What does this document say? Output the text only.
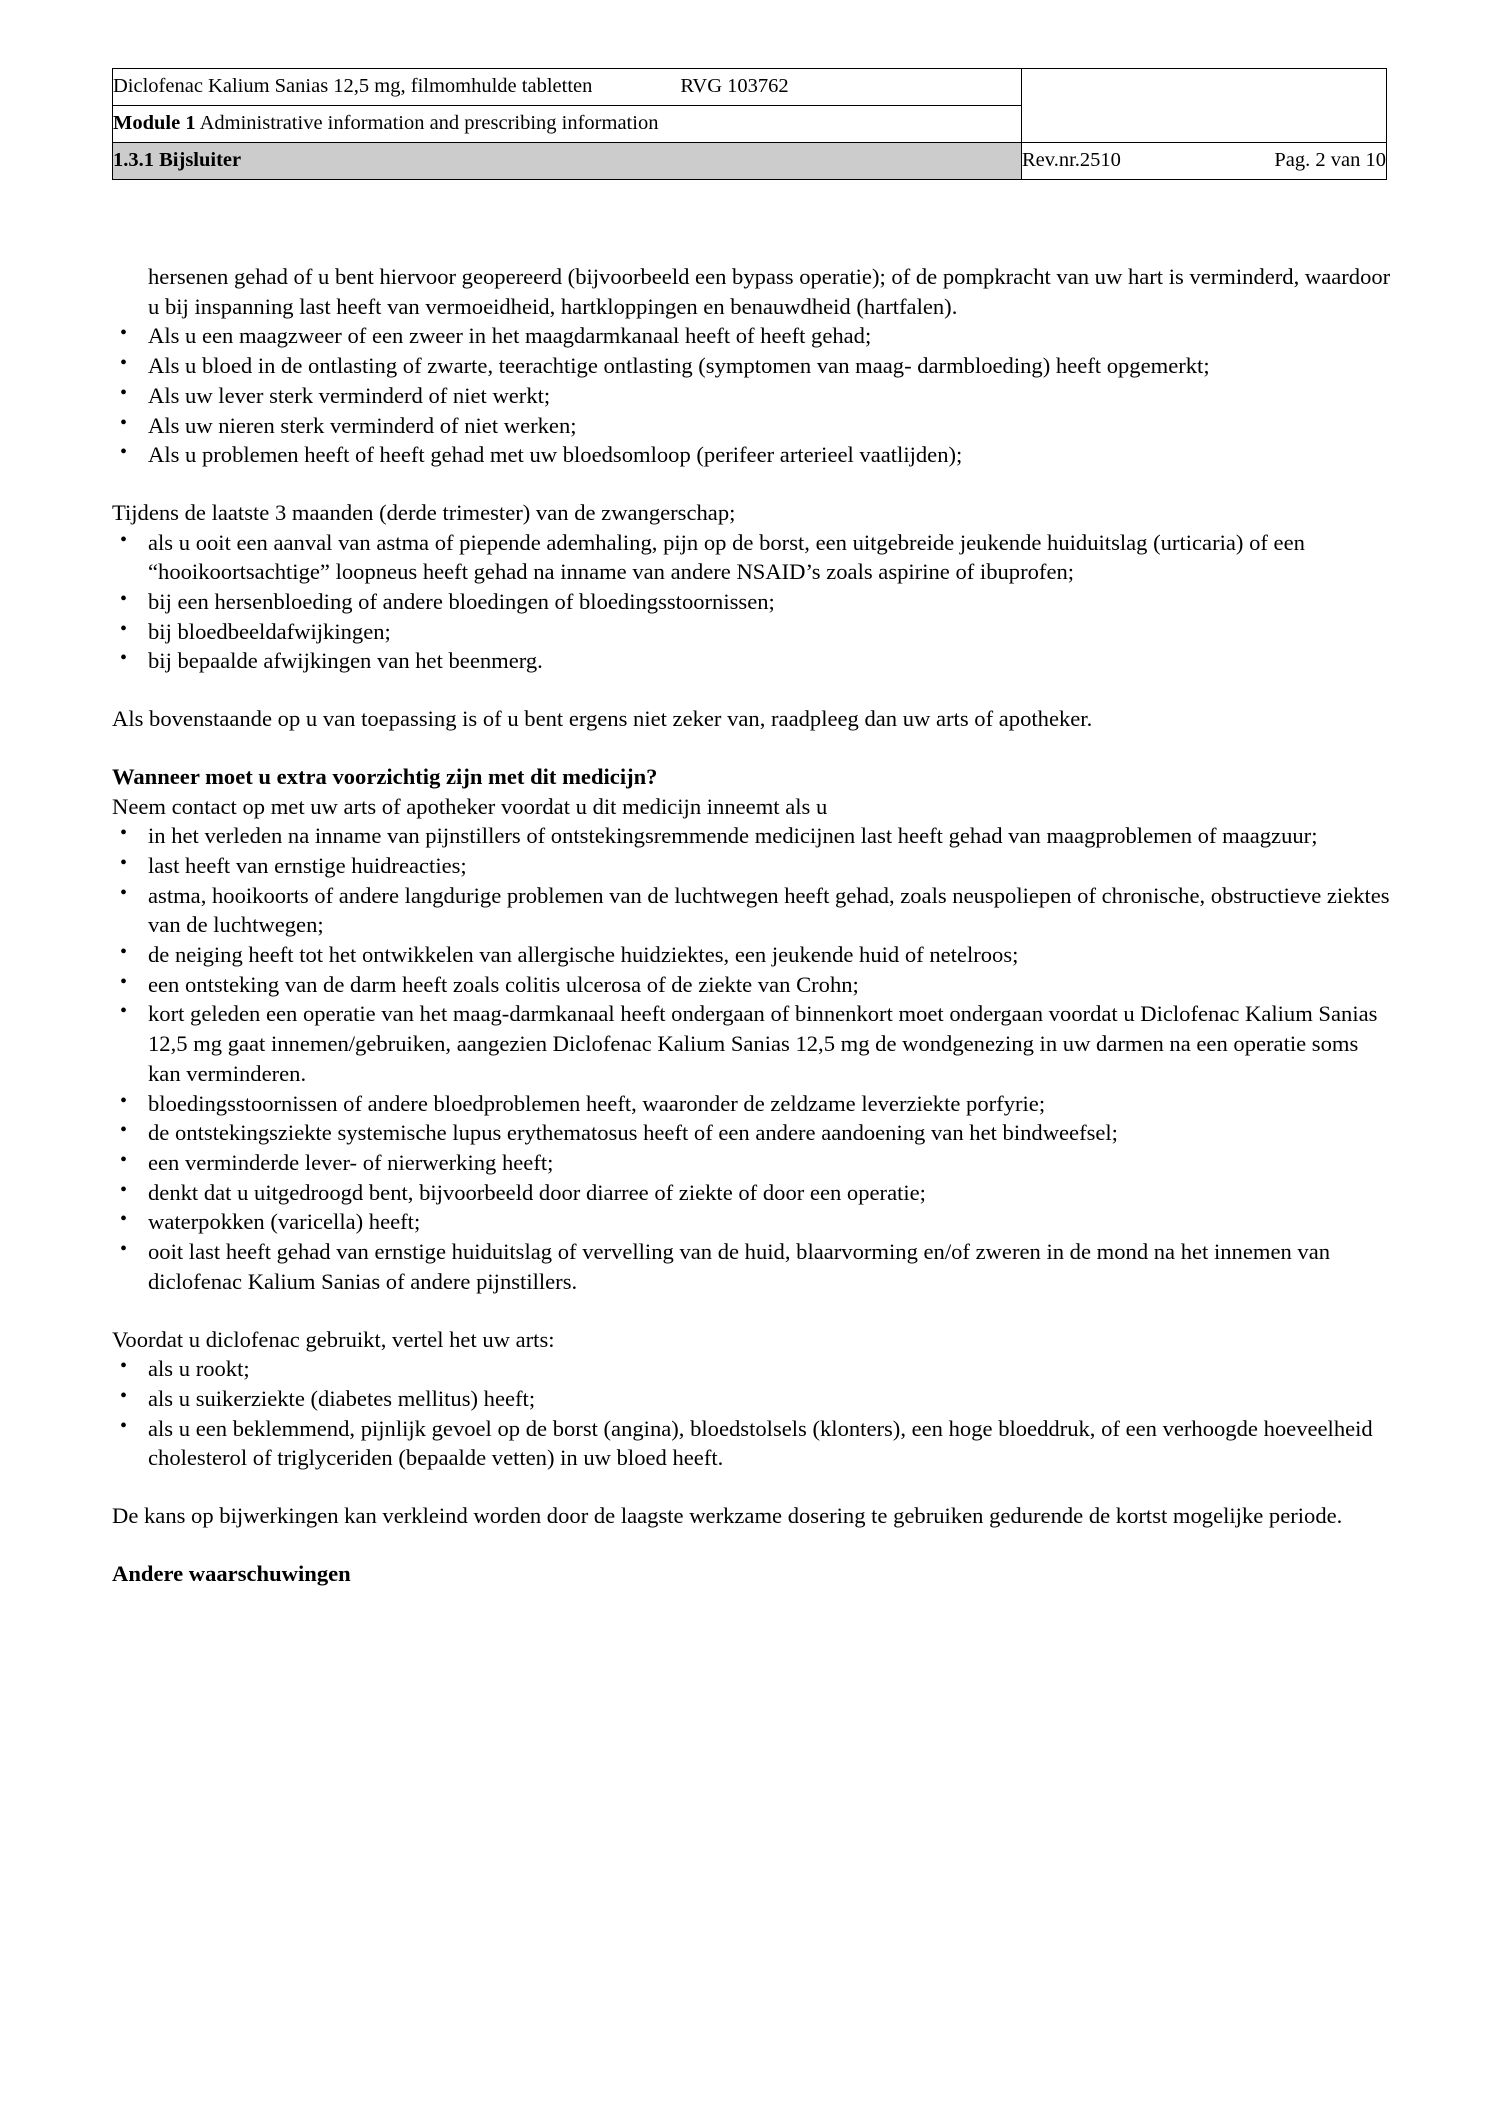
Diclofenac Kalium Sanias 12,5 mg, filmomhulde tabletten RVG 103762	

Module 1 Administrative information and prescribing information	

1.3.1 Bijsluiter	Rev.nr.2510 Pag. 2 van 10

hersenen gehad of u bent hiervoor geopereerd (bijvoorbeeld een bypass operatie); of de pompkracht van uw hart is verminderd, waardoor u bij inspanning last heeft van vermoeidheid, hartkloppingen en benauwdheid (hartfalen).

• Als u een maagzweer of een zweer in het maagdarmkanaal heeft of heeft gehad;
• Als u bloed in de ontlasting of zwarte, teerachtige ontlasting (symptomen van maag- darmbloeding) heeft opgemerkt;
• Als uw lever sterk verminderd of niet werkt;
• Als uw nieren sterk verminderd of niet werken;
• Als u problemen heeft of heeft gehad met uw bloedsomloop (perifeer arterieel vaatlijden);

Tijdens de laatste 3 maanden (derde trimester) van de zwangerschap;

• als u ooit een aanval van astma of piepende ademhaling, pijn op de borst, een uitgebreide jeukende huiduitslag (urticaria) of een “hooikoortsachtige” loopneus heeft gehad na inname van andere NSAID’s zoals aspirine of ibuprofen;
• bij een hersenbloeding of andere bloedingen of bloedingsstoornissen;
• bij bloedbeeldafwijkingen;
• bij bepaalde afwijkingen van het beenmerg.

Als bovenstaande op u van toepassing is of u bent ergens niet zeker van, raadpleeg dan uw arts of apotheker.

Wanneer moet u extra voorzichtig zijn met dit medicijn?

Neem contact op met uw arts of apotheker voordat u dit medicijn inneemt als u

• in het verleden na inname van pijnstillers of ontstekingsremmende medicijnen last heeft gehad van maagproblemen of maagzuur;
• last heeft van ernstige huidreacties;
• astma, hooikoorts of andere langdurige problemen van de luchtwegen heeft gehad, zoals neuspoliepen of chronische, obstructieve ziektes van de luchtwegen;
• de neiging heeft tot het ontwikkelen van allergische huidziektes, een jeukende huid of netelroos;
• een ontsteking van de darm heeft zoals colitis ulcerosa of de ziekte van Crohn;
• kort geleden een operatie van het maag-darmkanaal heeft ondergaan of binnenkort moet ondergaan voordat u Diclofenac Kalium Sanias 12,5 mg gaat innemen/gebruiken, aangezien Diclofenac Kalium Sanias 12,5 mg de wondgenezing in uw darmen na een operatie soms kan verminderen.
• bloedingsstoornissen of andere bloedproblemen heeft, waaronder de zeldzame leverziekte porfyrie;
• de ontstekingsziekte systemische lupus erythematosus heeft of een andere aandoening van het bindweefsel;
• een verminderde lever- of nierwerking heeft;
• denkt dat u uitgedroogd bent, bijvoorbeeld door diarree of ziekte of door een operatie;
• waterpokken (varicella) heeft;
• ooit last heeft gehad van ernstige huiduitslag of vervelling van de huid, blaarvorming en/of zweren in de mond na het innemen van diclofenac Kalium Sanias of andere pijnstillers.

Voordat u diclofenac gebruikt, vertel het uw arts:

• als u rookt;
• als u suikerziekte (diabetes mellitus) heeft;
• als u een beklemmend, pijnlijk gevoel op de borst (angina), bloedstolsels (klonters), een hoge bloeddruk, of een verhoogde hoeveelheid cholesterol of triglyceriden (bepaalde vetten) in uw bloed heeft.

De kans op bijwerkingen kan verkleind worden door de laagste werkzame dosering te gebruiken gedurende de kortst mogelijke periode.

Andere waarschuwingen
